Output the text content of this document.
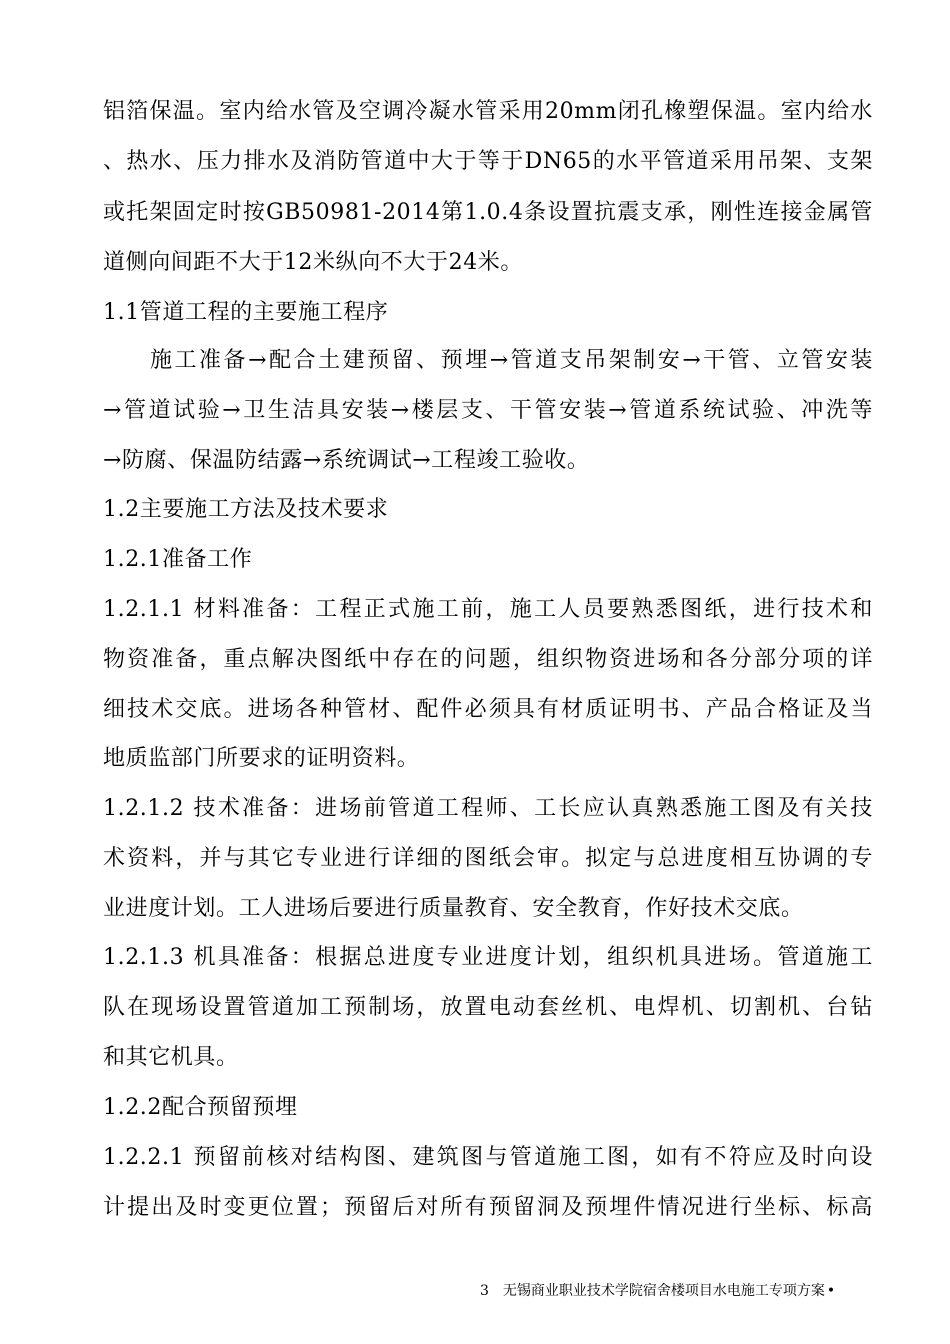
铝箔保温。室内给水管及空调冷凝水管采用20mm闭孔橡塑保温。室内给水
、热水、压力排水及消防管道中大于等于DN65的水平管道采用吊架、支架
或托架固定时按GB50981-2014第1.0.4条设置抗震支承，刚性连接金属管
道侧向间距不大于12米纵向不大于24米。
1.1管道工程的主要施工程序
施工准备→配合土建预留、预埋→管道支吊架制安→干管、立管安装
→管道试验→卫生洁具安装→楼层支、干管安装→管道系统试验、冲洗等
→防腐、保温防结露→系统调试→工程竣工验收。
1.2主要施工方法及技术要求
1.2.1准备工作
1.2.1.1 材料准备：工程正式施工前，施工人员要熟悉图纸，进行技术和
物资准备，重点解决图纸中存在的问题，组织物资进场和各分部分项的详
细技术交底。进场各种管材、配件必须具有材质证明书、产品合格证及当
地质监部门所要求的证明资料。
1.2.1.2 技术准备：进场前管道工程师、工长应认真熟悉施工图及有关技
术资料，并与其它专业进行详细的图纸会审。拟定与总进度相互协调的专
业进度计划。工人进场后要进行质量教育、安全教育，作好技术交底。
1.2.1.3 机具准备：根据总进度专业进度计划，组织机具进场。管道施工
队在现场设置管道加工预制场，放置电动套丝机、电焊机、切割机、台钻
和其它机具。
1.2.2配合预留预埋
1.2.2.1 预留前核对结构图、建筑图与管道施工图，如有不符应及时向设
计提出及时变更位置；预留后对所有预留洞及预埋件情况进行坐标、标高
3 无锡商业职业技术学院宿舍楼项目水电施工专项方案 •
